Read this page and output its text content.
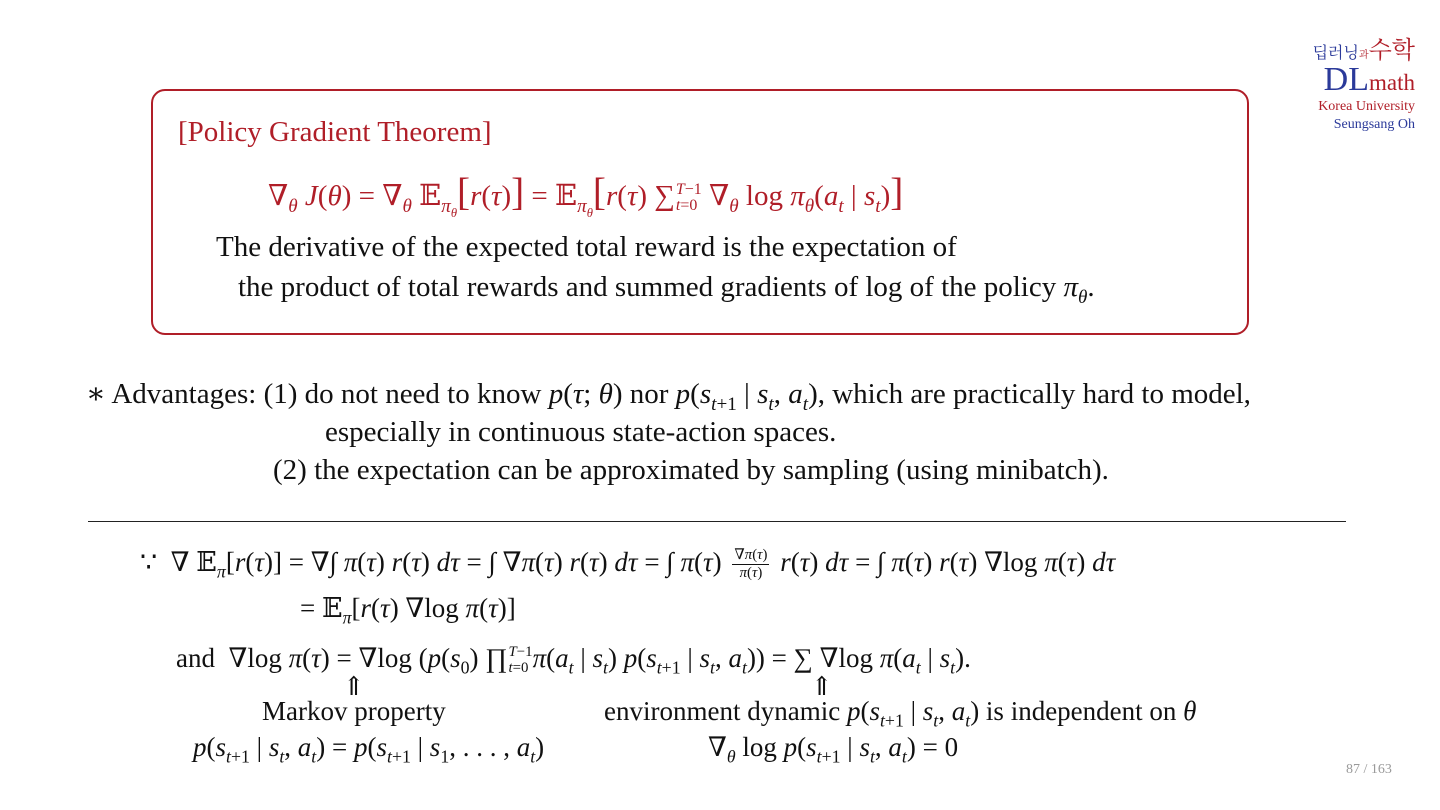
딥러닝과수학
DLmath
Korea University
Seungsang Oh
[Policy Gradient Theorem]
$\nabla_\theta$ $J(\theta) = \nabla_\theta$ 𝔼$_{\pi_\theta}$[r(τ)] = 𝔼$_{\pi_\theta}$[r(τ) ∑T−1
t=0 $\nabla_\theta$ $\log \pi_\theta(a_t$ | $s_t$)]
The derivative of the expected total reward is the expectation of
the product of total rewards and summed gradients of log of the policy $\pi_\theta$.
∗ Advantages: (1) do not need to know p(τ; θ) nor $p(s_{t+1}$ | $s_t$, $a_t$), which are practically hard to model,
especially in continuous state-action spaces.
(2) the expectation can be approximated by sampling (using minibatch).
∵  ∇ 𝔼$_\pi$[r(τ)] = ∇∫ π(τ) r(τ) dτ = ∫ ∇π(τ) r(τ) dτ = ∫ $\pi(\tau) \frac{\nabla\pi(\tau)}{\pi(\tau)} r(\tau) d\tau$ = ∫ π(τ) r(τ) ∇log π(τ) dτ
= 𝔼$_\pi$[r(τ) ∇log π(τ)]
and  ∇log π(τ) = ∇log ($p(s_0)$ ∏T−1
t=0 $\pi(a_t$ | $s_t$) $p(s_{t+1}$ | $s_t$, $a_t$)) = ∑ ∇log $\pi(a_t$ | $s_t$).
⇑	⇑
Markov property	environment dynamic $p(s_{t+1}$ | $s_t$, $a_t$) is independent on θ
$p(s_{t+1}$ | $s_t$, $a_t) = p(s_{t+1}$ | $s_1$, . . . , $a_t$)	$\nabla_\theta$ $\log p(s_{t+1}$ | $s_t$, $a_t) = 0$
87 / 163
